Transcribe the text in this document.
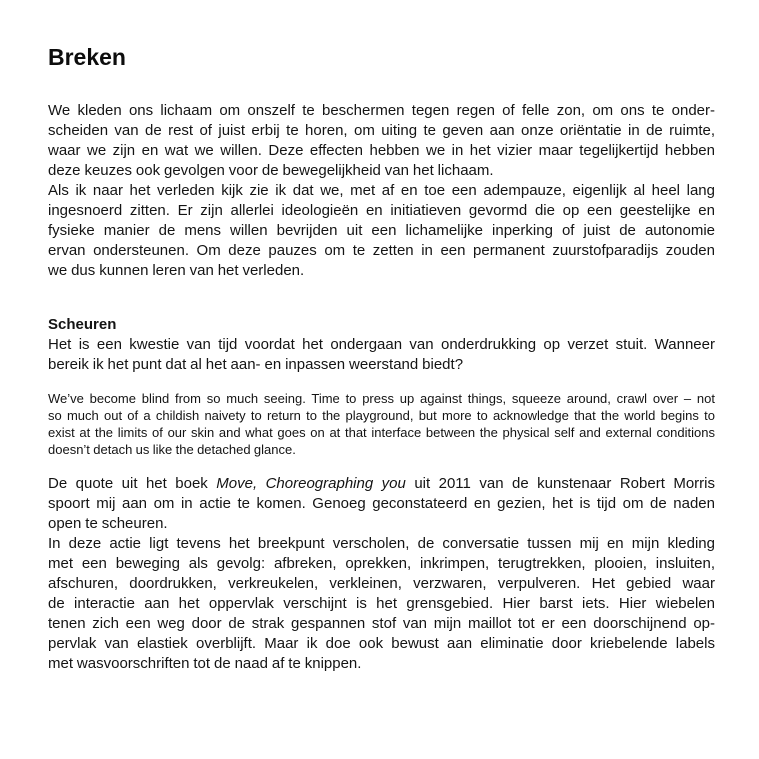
Breken
We kleden ons lichaam om onszelf te beschermen tegen regen of felle zon, om ons te onder-
scheiden van de rest of juist erbij te horen, om uiting te geven aan onze oriëntatie in de ruimte,
waar we zijn en wat we willen. Deze effecten hebben we in het vizier maar tegelijkertijd hebben
deze keuzes ook gevolgen voor de bewegelijkheid van het lichaam.
Als ik naar het verleden kijk zie ik dat we, met af en toe een adempauze, eigenlijk al heel lang
ingesnoerd zitten. Er zijn allerlei ideologieën en initiatieven gevormd die op een geestelijke en
fysieke manier de mens willen bevrijden uit een lichamelijke inperking of juist de autonomie
ervan ondersteunen. Om deze pauzes om te zetten in een permanent zuurstofparadijs zouden
we dus kunnen leren van het verleden.
Scheuren
Het is een kwestie van tijd voordat het ondergaan van onderdrukking op verzet stuit. Wanneer
bereik ik het punt dat al het aan- en inpassen weerstand biedt?
We’ve become blind from so much seeing. Time to press up against things, squeeze around, crawl over – not
so much out of a childish naivety to return to the playground, but more to acknowledge that the world begins to
exist at the limits of our skin and what goes on at that interface between the physical self and external conditions
doesn’t detach us like the detached glance.
De quote uit het boek Move, Choreographing you uit 2011 van de kunstenaar Robert Morris
spoort mij aan om in actie te komen. Genoeg geconstateerd en gezien, het is tijd om de naden
open te scheuren.
In deze actie ligt tevens het breekpunt verscholen, de conversatie tussen mij en mijn kleding
met een beweging als gevolg: afbreken, oprekken, inkrimpen, terugtrekken, plooien, insluiten,
afschuren, doordrukken, verkreukelen, verkleinen, verzwaren, verpulveren. Het gebied waar
de interactie aan het oppervlak verschijnt is het grensgebied. Hier barst iets. Hier wiebelen
tenen zich een weg door de strak gespannen stof van mijn maillot tot er een doorschijnend op-
pervlak van elastiek overblijft. Maar ik doe ook bewust aan eliminatie door kriebelende labels
met wasvoorschriften tot de naad af te knippen.
